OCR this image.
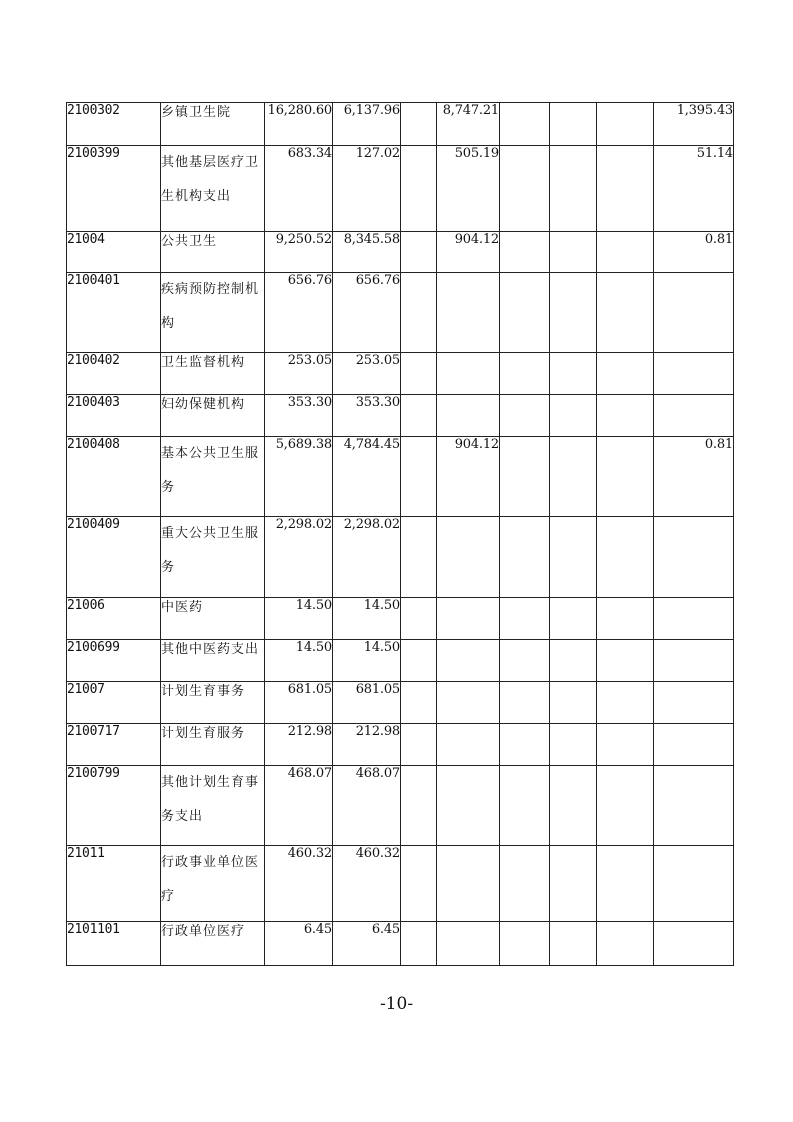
2100302	乡镇卫生院	16,280.60	6,137.96		8,747.21				1,395.43
2100399	其他基层医疗卫生机构支出	683.34	127.02		505.19				51.14
21004	公共卫生	9,250.52	8,345.58		904.12				0.81
2100401	疾病预防控制机构	656.76	656.76						
2100402	卫生监督机构	253.05	253.05						
2100403	妇幼保健机构	353.30	353.30						
2100408	基本公共卫生服务	5,689.38	4,784.45		904.12				0.81
2100409	重大公共卫生服务	2,298.02	2,298.02						
21006	中医药	14.50	14.50						
2100699	其他中医药支出	14.50	14.50						
21007	计划生育事务	681.05	681.05						
2100717	计划生育服务	212.98	212.98						
2100799	其他计划生育事务支出	468.07	468.07						
21011	行政事业单位医疗	460.32	460.32						
2101101	行政单位医疗	6.45	6.45						
-10-
